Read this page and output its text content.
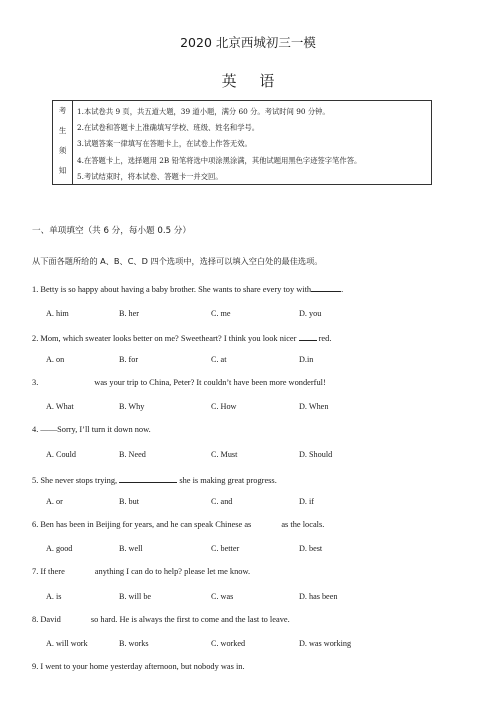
2020 北京西城初三一模
英 语
考
生
须
知
1.本试卷共 9 页，共五道大题，39 道小题，满分 60 分。考试时间 90 分钟。
2.在试卷和答题卡上准确填写学校、班级、姓名和学号。
3.试题答案一律填写在答题卡上，在试卷上作答无效。
4.在答题卡上，选择题用 2B 铅笔将选中项涂黑涂满，其他试题用黑色字迹签字笔作答。
5.考试结束时，将本试卷、答题卡一并交回。
一、单项填空（共 6 分，每小题 0.5 分）
从下面各题所给的 A、B、C、D 四个选项中，选择可以填入空白处的最佳选项。
1. Betty is so happy about having a baby brother. She wants to share every toy with	.
A. him	B. her	C. me	D. you
2. Mom, which sweater looks better on me? Sweetheart? I think you look nicer	red.
A. on	B. for	C. at	D.in
3.	was your trip to China, Peter? It couldn’t have been more wonderful!
A. What	B. Why	C. How	D. When
4. ——Sorry, I’ll turn it down now.
A. Could	B. Need	C. Must	D. Should
5. She never stops trying,	she is making great progress.
A. or	B. but	C. and	D. if
6. Ben has been in Beijing for years, and he can speak Chinese as	as the locals.
A. good	B. well	C. better	D. best
7. If there	anything I can do to help? please let me know.
A. is	B. will be	C. was	D. has been
8. David	so hard. He is always the first to come and the last to leave.
A. will work	B. works	C. worked	D. was working
9. I went to your home yesterday afternoon, but nobody was in.
